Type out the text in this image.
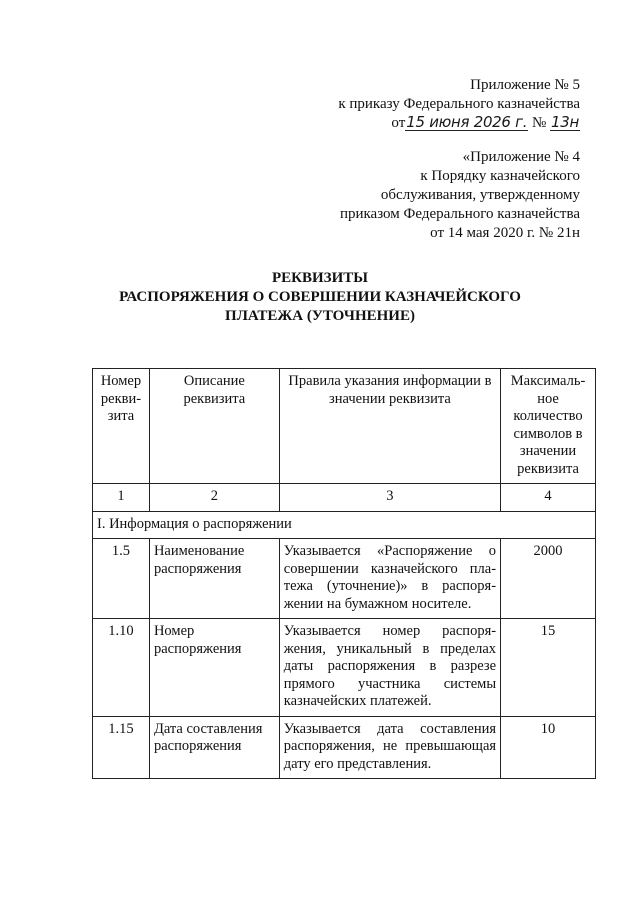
Приложение № 5
к приказу Федерального казначейства
от15 июня 2026 г. № 13н
«Приложение № 4
к Порядку казначейского
обслуживания, утвержденному
приказом Федерального казначейства
от 14 мая 2020 г. № 21н
РЕКВИЗИТЫ
РАСПОРЯЖЕНИЯ О СОВЕРШЕНИИ КАЗНАЧЕЙСКОГО
ПЛАТЕЖА (УТОЧНЕНИЕ)
Номер рекви-зита	Описание реквизита	Правила указания информации в значении реквизита	Максималь-ное количество символов в значении реквизита
1	2	3	4
I. Информация о распоряжении			
1.5	Наименование распоряжения	Указывается «Распоряжение о совершении казначейского пла-тежа (уточнение)» в распоря-жении на бумажном носителе.	2000
1.10	Номер распоряжения	Указывается номер распоря-жения, уникальный в пределах даты распоряжения в разрезе прямого участника системы казначейских платежей.	15
1.15	Дата составления распоряжения	Указывается дата составления распоряжения, не превышающая дату его представления.	10
